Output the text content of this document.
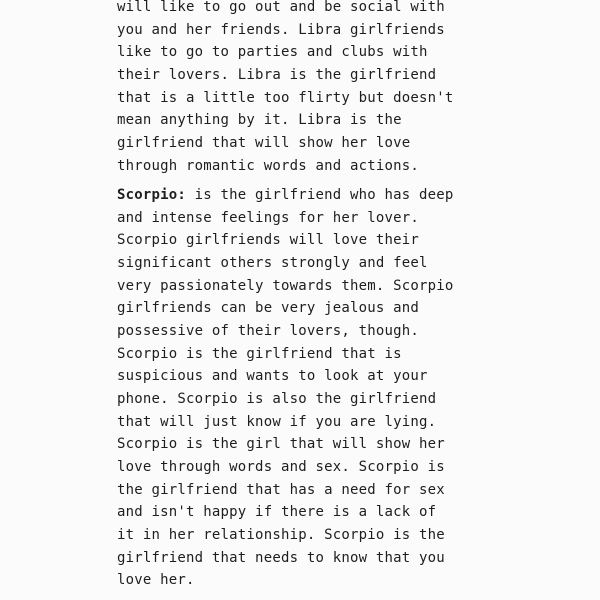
will like to go out and be social with
you and her friends. Libra girlfriends
like to go to parties and clubs with
their lovers. Libra is the girlfriend
that is a little too flirty but doesn't
mean anything by it. Libra is the
girlfriend that will show her love
through romantic words and actions.
Scorpio: is the girlfriend who has deep
and intense feelings for her lover.
Scorpio girlfriends will love their
significant others strongly and feel
very passionately towards them. Scorpio
girlfriends can be very jealous and
possessive of their lovers, though.
Scorpio is the girlfriend that is
suspicious and wants to look at your
phone. Scorpio is also the girlfriend
that will just know if you are lying.
Scorpio is the girl that will show her
love through words and sex. Scorpio is
the girlfriend that has a need for sex
and isn't happy if there is a lack of
it in her relationship. Scorpio is the
girlfriend that needs to know that you
love her.
